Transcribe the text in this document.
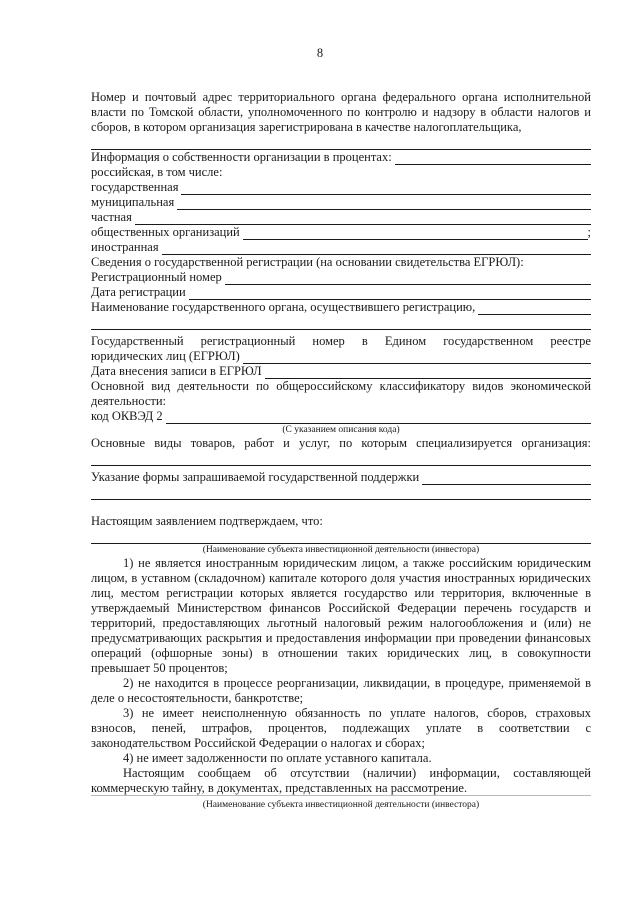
8
Номер и почтовый адрес территориального органа федерального органа исполнительной власти по Томской области, уполномоченного по контролю и надзору в области налогов и сборов, в котором организация зарегистрирована в качестве налогоплательщика,
Информация о собственности организации в процентах:
российская, в том числе:
государственная
муниципальная
частная
общественных организаций	;
иностранная
Сведения о государственной регистрации (на основании свидетельства ЕГРЮЛ):
Регистрационный номер
Дата регистрации
Наименование государственного органа, осуществившего регистрацию,
Государственный регистрационный номер в Едином государственном реестре
юридических лиц (ЕГРЮЛ)
Дата внесения записи в ЕГРЮЛ
Основной вид деятельности по общероссийскому классификатору видов экономической
деятельности:
код ОКВЭД 2
(С указанием описания кода)
Основные виды товаров, работ и услуг, по которым специализируется организация:
Указание формы запрашиваемой государственной поддержки
Настоящим заявлением подтверждаем, что:
(Наименование субъекта инвестиционной деятельности (инвестора)
1) не является иностранным юридическим лицом, а также российским юридическим лицом, в уставном (складочном) капитале которого доля участия иностранных юридических лиц, местом регистрации которых является государство или территория, включенные в утверждаемый Министерством финансов Российской Федерации перечень государств и территорий, предоставляющих льготный налоговый режим налогообложения и (или) не предусматривающих раскрытия и предоставления информации при проведении финансовых операций (офшорные зоны) в отношении таких юридических лиц, в совокупности превышает 50 процентов;
2) не находится в процессе реорганизации, ликвидации, в процедуре, применяемой в деле о несостоятельности, банкротстве;
3) не имеет неисполненную обязанность по уплате налогов, сборов, страховых взносов, пеней, штрафов, процентов, подлежащих уплате в соответствии с законодательством Российской Федерации о налогах и сборах;
4) не имеет задолженности по оплате уставного капитала.
Настоящим сообщаем об отсутствии (наличии) информации, составляющей коммерческую тайну, в документах, представленных на рассмотрение.
(Наименование субъекта инвестиционной деятельности (инвестора)
